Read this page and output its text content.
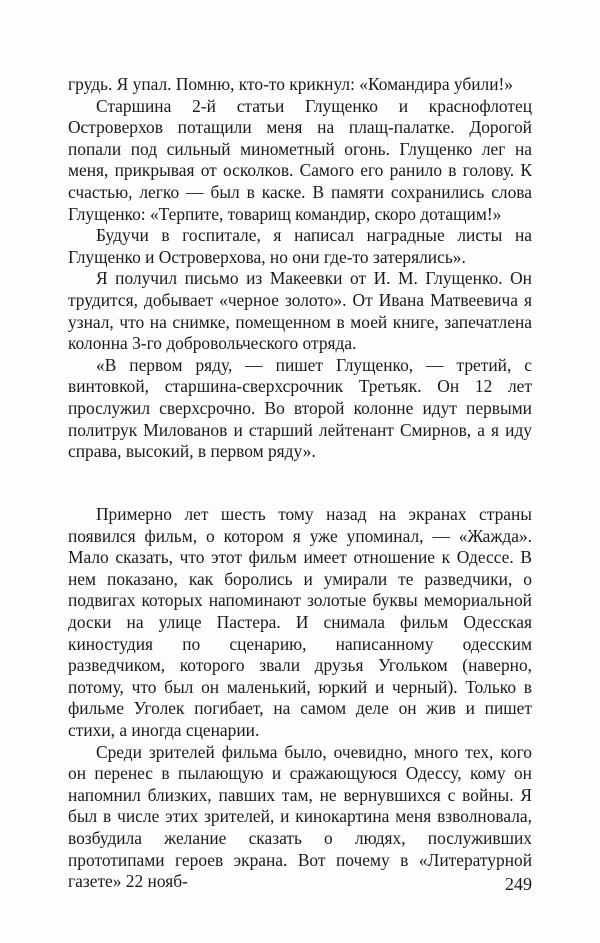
грудь. Я упал. Помню, кто-то крикнул: «Командира убили!»

Старшина 2-й статьи Глущенко и краснофлотец Островерхов потащили меня на плащ-палатке. Дорогой попали под сильный минометный огонь. Глущенко лег на меня, прикрывая от осколков. Самого его ранило в голову. К счастью, легко — был в каске. В памяти сохранились слова Глущенко: «Терпите, товарищ командир, скоро дотащим!»

Будучи в госпитале, я написал наградные листы на Глущенко и Островерхова, но они где-то затерялись».

Я получил письмо из Макеевки от И. М. Глущенко. Он трудится, добывает «черное золото». От Ивана Матвеевича я узнал, что на снимке, помещенном в моей книге, запечатлена колонна 3-го добровольческого отряда.

«В первом ряду, — пишет Глущенко, — третий, с винтовкой, старшина-сверхсрочник Третьяк. Он 12 лет прослужил сверхсрочно. Во второй колонне идут первыми политрук Милованов и старший лейтенант Смирнов, а я иду справа, высокий, в первом ряду».

Примерно лет шесть тому назад на экранах страны появился фильм, о котором я уже упоминал, — «Жажда». Мало сказать, что этот фильм имеет отношение к Одессе. В нем показано, как боролись и умирали те разведчики, о подвигах которых напоминают золотые буквы мемориальной доски на улице Пастера. И снимала фильм Одесская киностудия по сценарию, написанному одесским разведчиком, которого звали друзья Угольком (наверно, потому, что был он маленький, юркий и черный). Только в фильме Уголек погибает, на самом деле он жив и пишет стихи, а иногда сценарии.

Среди зрителей фильма было, очевидно, много тех, кого он перенес в пылающую и сражающуюся Одессу, кому он напомнил близких, павших там, не вернувшихся с войны. Я был в числе этих зрителей, и кинокартина меня взволновала, возбудила желание сказать о людях, послуживших прототипами героев экрана. Вот почему в «Литературной газете» 22 нояб-	249
